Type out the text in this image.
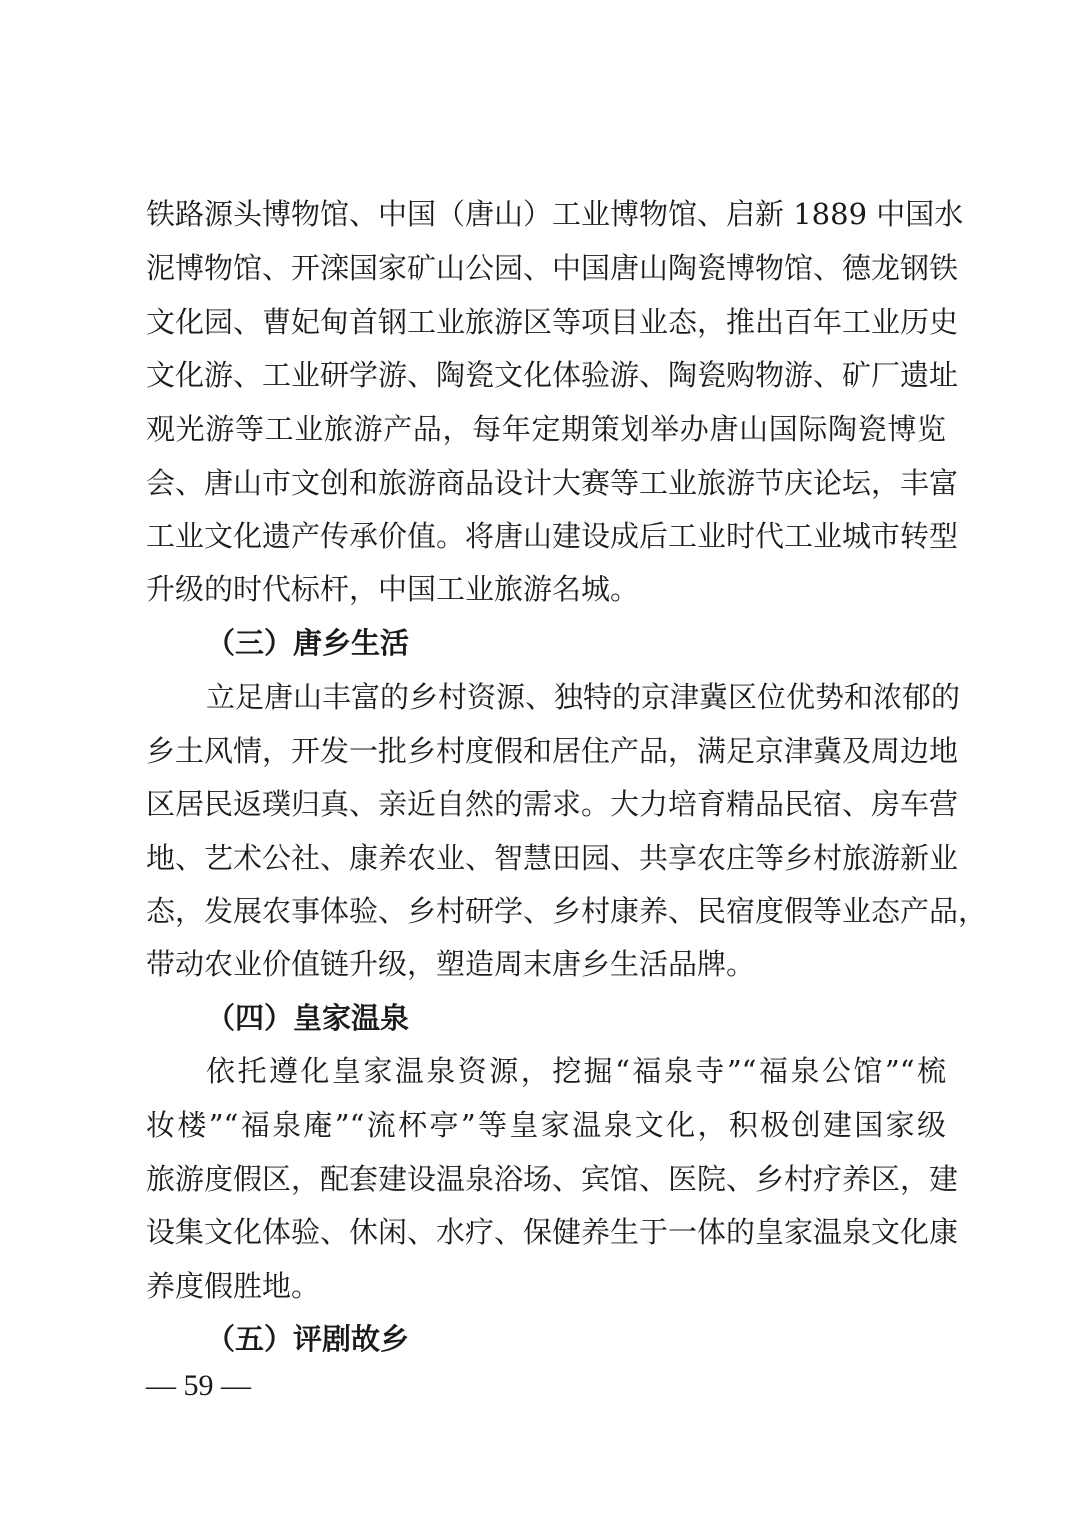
铁路源头博物馆、中国（唐山）工业博物馆、启新 1889 中国水
泥博物馆、开滦国家矿山公园、中国唐山陶瓷博物馆、德龙钢铁
文化园、曹妃甸首钢工业旅游区等项目业态，推出百年工业历史
文化游、工业研学游、陶瓷文化体验游、陶瓷购物游、矿厂遗址
观光游等工业旅游产品，每年定期策划举办唐山国际陶瓷博览
会、唐山市文创和旅游商品设计大赛等工业旅游节庆论坛，丰富
工业文化遗产传承价值。将唐山建设成后工业时代工业城市转型
升级的时代标杆，中国工业旅游名城。
（三）唐乡生活
立足唐山丰富的乡村资源、独特的京津冀区位优势和浓郁的
乡土风情，开发一批乡村度假和居住产品，满足京津冀及周边地
区居民返璞归真、亲近自然的需求。大力培育精品民宿、房车营
地、艺术公社、康养农业、智慧田园、共享农庄等乡村旅游新业
态，发展农事体验、乡村研学、乡村康养、民宿度假等业态产品，
带动农业价值链升级，塑造周末唐乡生活品牌。
（四）皇家温泉
依托遵化皇家温泉资源，挖掘“福泉寺”“福泉公馆”“梳
妆楼”“福泉庵”“流杯亭”等皇家温泉文化，积极创建国家级
旅游度假区，配套建设温泉浴场、宾馆、医院、乡村疗养区，建
设集文化体验、休闲、水疗、保健养生于一体的皇家温泉文化康
养度假胜地。
（五）评剧故乡
— 59 —
